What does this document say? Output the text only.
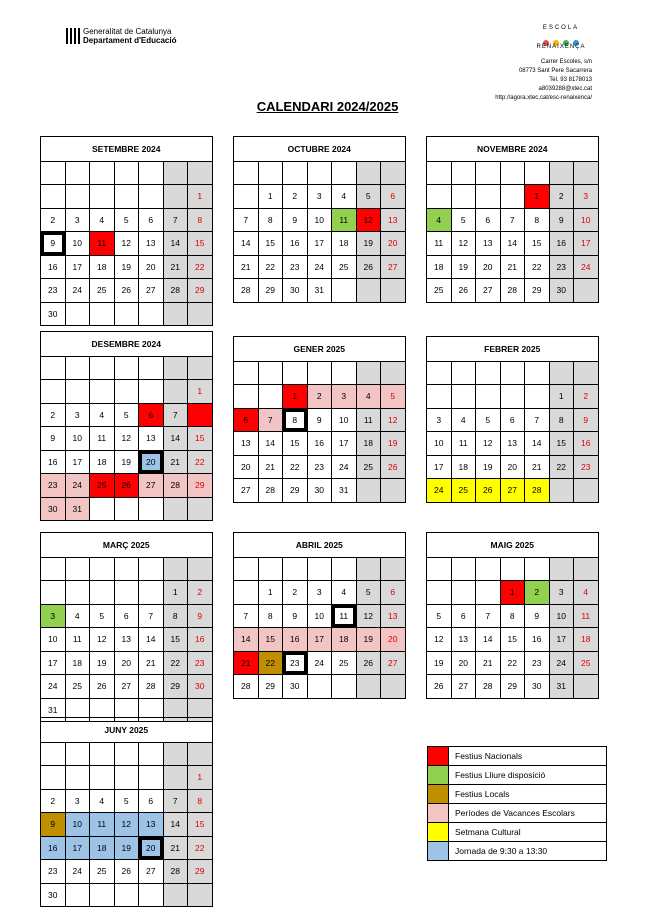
Generalitat de Catalunya
Departament d'Educació
ESCOLA
RENAIXENÇA
Carrer Escoles, s/n
08773 Sant Pere Sacarrera
Tel. 93 8178013
a8039288@xtec.cat
http://agora.xtec.cat/esc-renaixenca/
CALENDARI 2024/2025
SETEMBRE 2024						

						1
2	3	4	5	6	7	8
9	10	11	12	13	14	15
16	17	18	19	20	21	22
23	24	25	26	27	28	29
30						
OCTUBRE 2024						

	1	2	3	4	5	6
7	8	9	10	11	12	13
14	15	16	17	18	19	20
21	22	23	24	25	26	27
28	29	30	31			
NOVEMBRE 2024						

				1	2	3
4	5	6	7	8	9	10
11	12	13	14	15	16	17
18	19	20	21	22	23	24
25	26	27	28	29	30	
DESEMBRE 2024						

						1
2	3	4	5	6	7	8
9	10	11	12	13	14	15
16	17	18	19	20	21	22
23	24	25	26	27	28	29
30	31					
GENER 2025						

		1	2	3	4	5
6	7	8	9	10	11	12
13	14	15	16	17	18	19
20	21	22	23	24	25	26
27	28	29	30	31		
FEBRER 2025						

					1	2
3	4	5	6	7	8	9
10	11	12	13	14	15	16
17	18	19	20	21	22	23
24	25	26	27	28		
MARÇ 2025						

					1	2
3	4	5	6	7	8	9
10	11	12	13	14	15	16
17	18	19	20	21	22	23
24	25	26	27	28	29	30
31						
ABRIL 2025						

	1	2	3	4	5	6
7	8	9	10	11	12	13
14	15	16	17	18	19	20
21	22	23	24	25	26	27
28	29	30				
MAIG 2025						

			1	2	3	4
5	6	7	8	9	10	11
12	13	14	15	16	17	18
19	20	21	22	23	24	25
26	27	28	29	30	31	
JUNY 2025						

						1
2	3	4	5	6	7	8
9	10	11	12	13	14	15
16	17	18	19	20	21	22
23	24	25	26	27	28	29
30						
	Festius Nacionals
	Festius Lliure disposició
	Festius Locals
	Períodes de Vacances Escolars
	Setmana Cultural
	Jornada de 9:30 a 13:30
